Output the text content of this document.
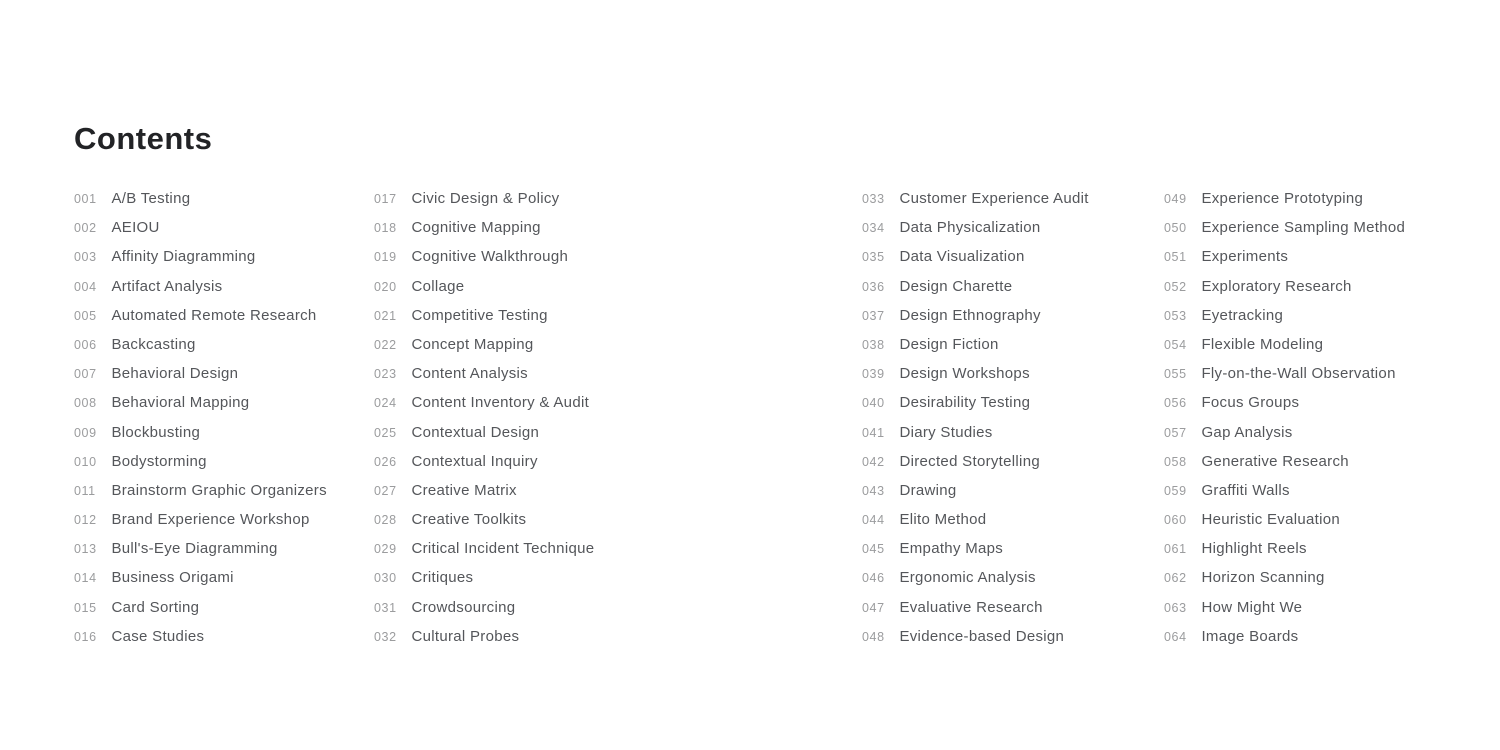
Contents
001 A/B Testing
002 AEIOU
003 Affinity Diagramming
004 Artifact Analysis
005 Automated Remote Research
006 Backcasting
007 Behavioral Design
008 Behavioral Mapping
009 Blockbusting
010 Bodystorming
011 Brainstorm Graphic Organizers
012 Brand Experience Workshop
013 Bull's-Eye Diagramming
014 Business Origami
015 Card Sorting
016 Case Studies
017 Civic Design & Policy
018 Cognitive Mapping
019 Cognitive Walkthrough
020 Collage
021 Competitive Testing
022 Concept Mapping
023 Content Analysis
024 Content Inventory & Audit
025 Contextual Design
026 Contextual Inquiry
027 Creative Matrix
028 Creative Toolkits
029 Critical Incident Technique
030 Critiques
031 Crowdsourcing
032 Cultural Probes
033 Customer Experience Audit
034 Data Physicalization
035 Data Visualization
036 Design Charette
037 Design Ethnography
038 Design Fiction
039 Design Workshops
040 Desirability Testing
041 Diary Studies
042 Directed Storytelling
043 Drawing
044 Elito Method
045 Empathy Maps
046 Ergonomic Analysis
047 Evaluative Research
048 Evidence-based Design
049 Experience Prototyping
050 Experience Sampling Method
051 Experiments
052 Exploratory Research
053 Eyetracking
054 Flexible Modeling
055 Fly-on-the-Wall Observation
056 Focus Groups
057 Gap Analysis
058 Generative Research
059 Graffiti Walls
060 Heuristic Evaluation
061 Highlight Reels
062 Horizon Scanning
063 How Might We
064 Image Boards
